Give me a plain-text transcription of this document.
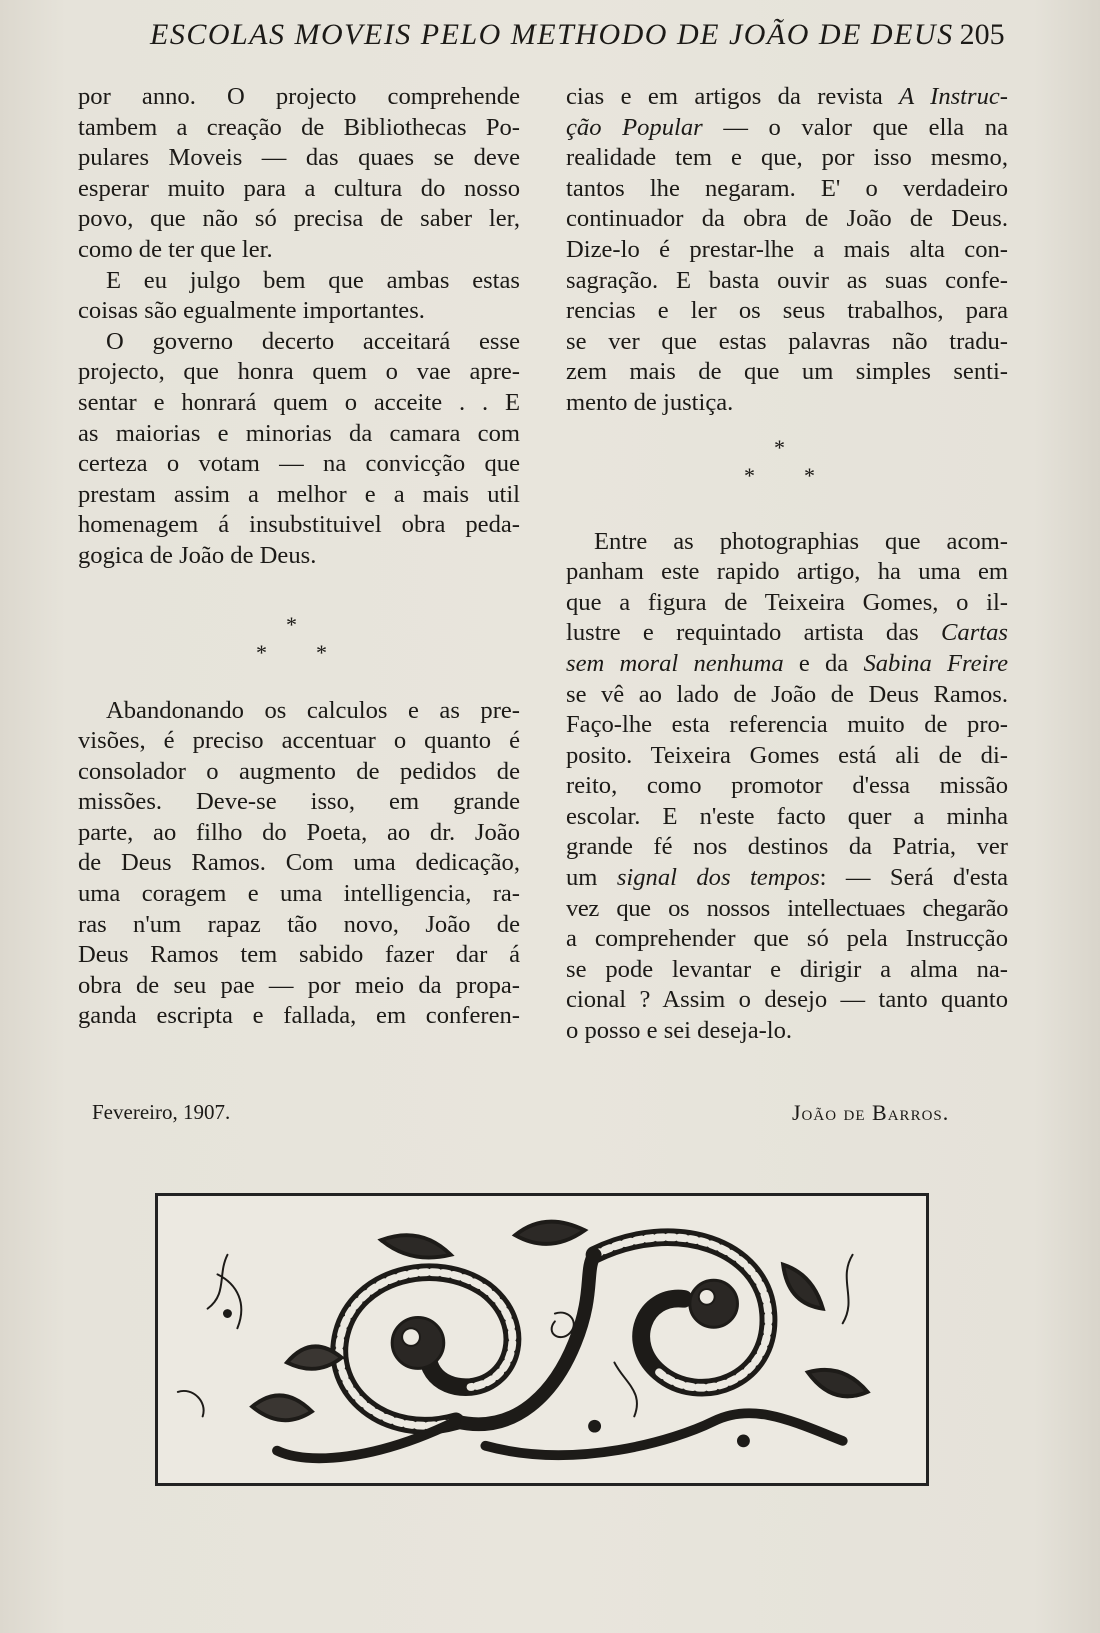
ESCOLAS MOVEIS PELO METHODO DE JOÃO DE DEUS 205

por anno. O projecto comprehende
tambem a creação de Bibliothecas Po-
pulares Moveis — das quaes se deve
esperar muito para a cultura do nosso
povo, que não só precisa de saber ler,
como de ter que ler.

E eu julgo bem que ambas estas
coisas são egualmente importantes.

O governo decerto acceitará esse
projecto, que honra quem o vae apre-
sentar e honrará quem o acceite . . E
as maiorias e minorias da camara com
certeza o votam — na convicção que
prestam assim a melhor e a mais util
homenagem á insubstituivel obra peda-
gogica de João de Deus.

*
* *

Abandonando os calculos e as pre-
visões, é preciso accentuar o quanto é
consolador o augmento de pedidos de
missões. Deve-se isso, em grande
parte, ao filho do Poeta, ao dr. João
de Deus Ramos. Com uma dedicação,
uma coragem e uma intelligencia, ra-
ras n'um rapaz tão novo, João de
Deus Ramos tem sabido fazer dar á
obra de seu pae — por meio da propa-
ganda escripta e fallada, em conferen-

cias e em artigos da revista A Instruc-
ção Popular — o valor que ella na
realidade tem e que, por isso mesmo,
tantos lhe negaram. E' o verdadeiro
continuador da obra de João de Deus.
Dize-lo é prestar-lhe a mais alta con-
sagração. E basta ouvir as suas confe-
rencias e ler os seus trabalhos, para
se ver que estas palavras não tradu-
zem mais de que um simples senti-
mento de justiça.

*
* *

Entre as photographias que acom-
panham este rapido artigo, ha uma em
que a figura de Teixeira Gomes, o il-
lustre e requintado artista das Cartas
sem moral nenhuma e da Sabina Freire
se vê ao lado de João de Deus Ramos.
Faço-lhe esta referencia muito de pro-
posito. Teixeira Gomes está ali de di-
reito, como promotor d'essa missão
escolar. E n'este facto quer a minha
grande fé nos destinos da Patria, ver
um signal dos tempos: — Será d'esta
vez que os nossos intellectuaes chegarão
a comprehender que só pela Instrucção
se pode levantar e dirigir a alma na-
cional ? Assim o desejo — tanto quanto
o posso e sei deseja-lo.

Fevereiro, 1907.	João de Barros.
